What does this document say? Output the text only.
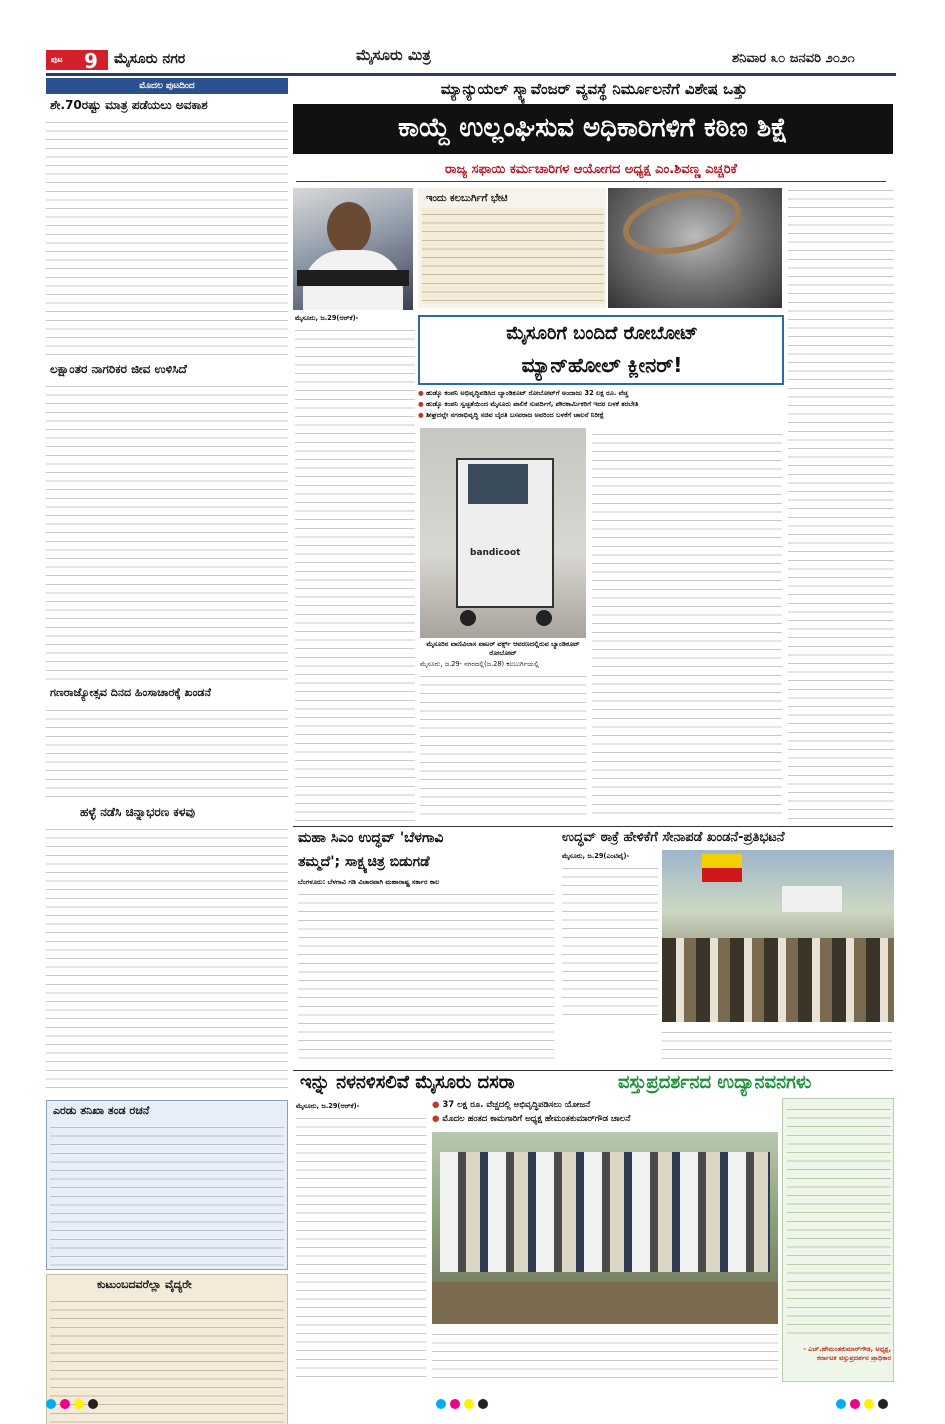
ಪುಟ 9 ಮೈಸೂರು ನಗರ	ಮೈಸೂರು ಮಿತ್ರ	ಶನಿವಾರ ೩೦ ಜನವರಿ ೨೦೨೧
ಮೊದಲ ಪುಟದಿಂದ
ಶೇ.70ರಷ್ಟು ಮಾತ್ರ ಪಡೆಯಲು ಅವಕಾಶ
ಲಕ್ಷಾಂತರ ನಾಗರಿಕರ ಜೀವ ಉಳಿಸಿದೆ
ಗಣರಾಜ್ಯೋತ್ಸವ ದಿನದ ಹಿಂಸಾಚಾರಕ್ಕೆ ಖಂಡನೆ
ಹಳ್ಳೆ ನಡೆಸಿ ಚಿನ್ನಾಭರಣ ಕಳವು
ಎರಡು ತನಿಖಾ ತಂಡ ರಚನೆ
ಕುಟುಂಬದವರೆಲ್ಲಾ ವೈದ್ಯರೇ
ಮ್ಯಾನ್ಯುಯಲ್ ಸ್ಕ್ಯಾವೆಂಜರ್ ವ್ಯವಸ್ಥೆ ನಿರ್ಮೂಲನೆಗೆ ವಿಶೇಷ ಒತ್ತು
ಕಾಯ್ದೆ ಉಲ್ಲಂಘಿಸುವ ಅಧಿಕಾರಿಗಳಿಗೆ ಕಠಿಣ ಶಿಕ್ಷೆ
ರಾಜ್ಯ ಸಫಾಯಿ ಕರ್ಮಚಾರಿಗಳ ಆಯೋಗದ ಅಧ್ಯಕ್ಷ ಎಂ.ಶಿವಣ್ಣ ಎಚ್ಚರಿಕೆ
ಮೈಸೂರು, ಜ.29(ಆರ್‌ಕೆ)-
ಇಂದು ಕಲಬುರ್ಗಿಗೆ ಭೇಟಿ
ಮೈಸೂರಿಗೆ ಬಂದಿದೆ ರೋಬೋಟ್
ಮ್ಯಾನ್‌ಹೋಲ್ ಕ್ಲೀನರ್!
● ಹುಡ್ಕೊ ಕಂಪನಿ ಅಭಿವೃದ್ಧಿಪಡಿಸಿದ ಬ್ಯಾಂಡಿಕೂಟ್ ರೋಬೋಟ್‌ಗೆ ಅಂದಾಜು 32 ಲಕ್ಷ ರೂ. ವೆಚ್ಚ
● ಹುಡ್ಕೊ ಕಂಪನಿ ಸ್ವಚ್ಛತೆಯಿಂದ ಮೈಸೂರು ಪಾಲಿಕೆ ಸುಪರ್ದಿಗೆ, ಪೌರಕಾರ್ಮಿಕರಿಗೆ ಇದರ ಬಳಕೆ ತರಬೇತಿ
● ಶೀಘ್ರದಲ್ಲೇ ನಗರಾಭಿವೃದ್ಧಿ ಸಚಿವ ಬೈರತಿ ಬಸವರಾಜ ಅವರಿಂದ ಬಳಕೆಗೆ ಚಾಲನೆ ನಿರೀಕ್ಷೆ
bandicoot
ಮೈಸೂರಿನ ವಾಣಿವಿಲಾಸ ವಾಟರ್ ವರ್ಕ್ಸ್ ಆವರಣದಲ್ಲಿರುವ ಬ್ಯಾಂಡಿಕೂಟ್ ರೋಬೋಟ್
ಮೈಸೂರು, ಜ.29- ನಗರದಲ್ಲಿ(ಜ.28) ಕಲಬುರ್ಗಿಯಲ್ಲಿ
ಮಹಾ ಸಿಎಂ ಉದ್ಧವ್ 'ಬೆಳಗಾವಿ
ತಮ್ಮದೆ'; ಸಾಕ್ಷ್ಯಚಿತ್ರ ಬಿಡುಗಡೆ
ಬೆಂಗಳೂರು: ಬೆಳಗಾವಿ ಗಡಿ ವಿಚಾರವಾಗಿ ಮಹಾರಾಷ್ಟ್ರ ಸರ್ಕಾರ ಕಾಲ
ಉದ್ಧವ್ ಠಾಕ್ರೆ ಹೇಳಿಕೆಗೆ ಸೇನಾಪಡೆ ಖಂಡನೆ-ಪ್ರತಿಭಟನೆ
ಮೈಸೂರು, ಜ.29(ಎಂಟಿವೈ)-
ಇನ್ನು ನಳನಳಿಸಲಿವೆ ಮೈಸೂರು ದಸರಾ	ವಸ್ತುಪ್ರದರ್ಶನದ ಉದ್ಯಾನವನಗಳು
ಮೈಸೂರು, ಜ.29(ಆರ್‌ಕೆ)-	● 37 ಲಕ್ಷ ರೂ. ವೆಚ್ಚದಲ್ಲಿ ಅಭಿವೃದ್ಧಿಪಡಿಸಲು ಯೋಜನೆ
● ಮೊದಲ ಹಂತದ ಕಾಮಗಾರಿಗೆ ಅಧ್ಯಕ್ಷ ಹೇಮಂತಕುಮಾರ್‌ಗೌಡ ಚಾಲನೆ
- ಎಚ್.ಹೇಮಂತಕುಮಾರ್‌ಗೌಡ, ಅಧ್ಯಕ್ಷ, ಕರ್ನಾಟಕ ವಸ್ತುಪ್ರದರ್ಶನ ಪ್ರಾಧಿಕಾರ
